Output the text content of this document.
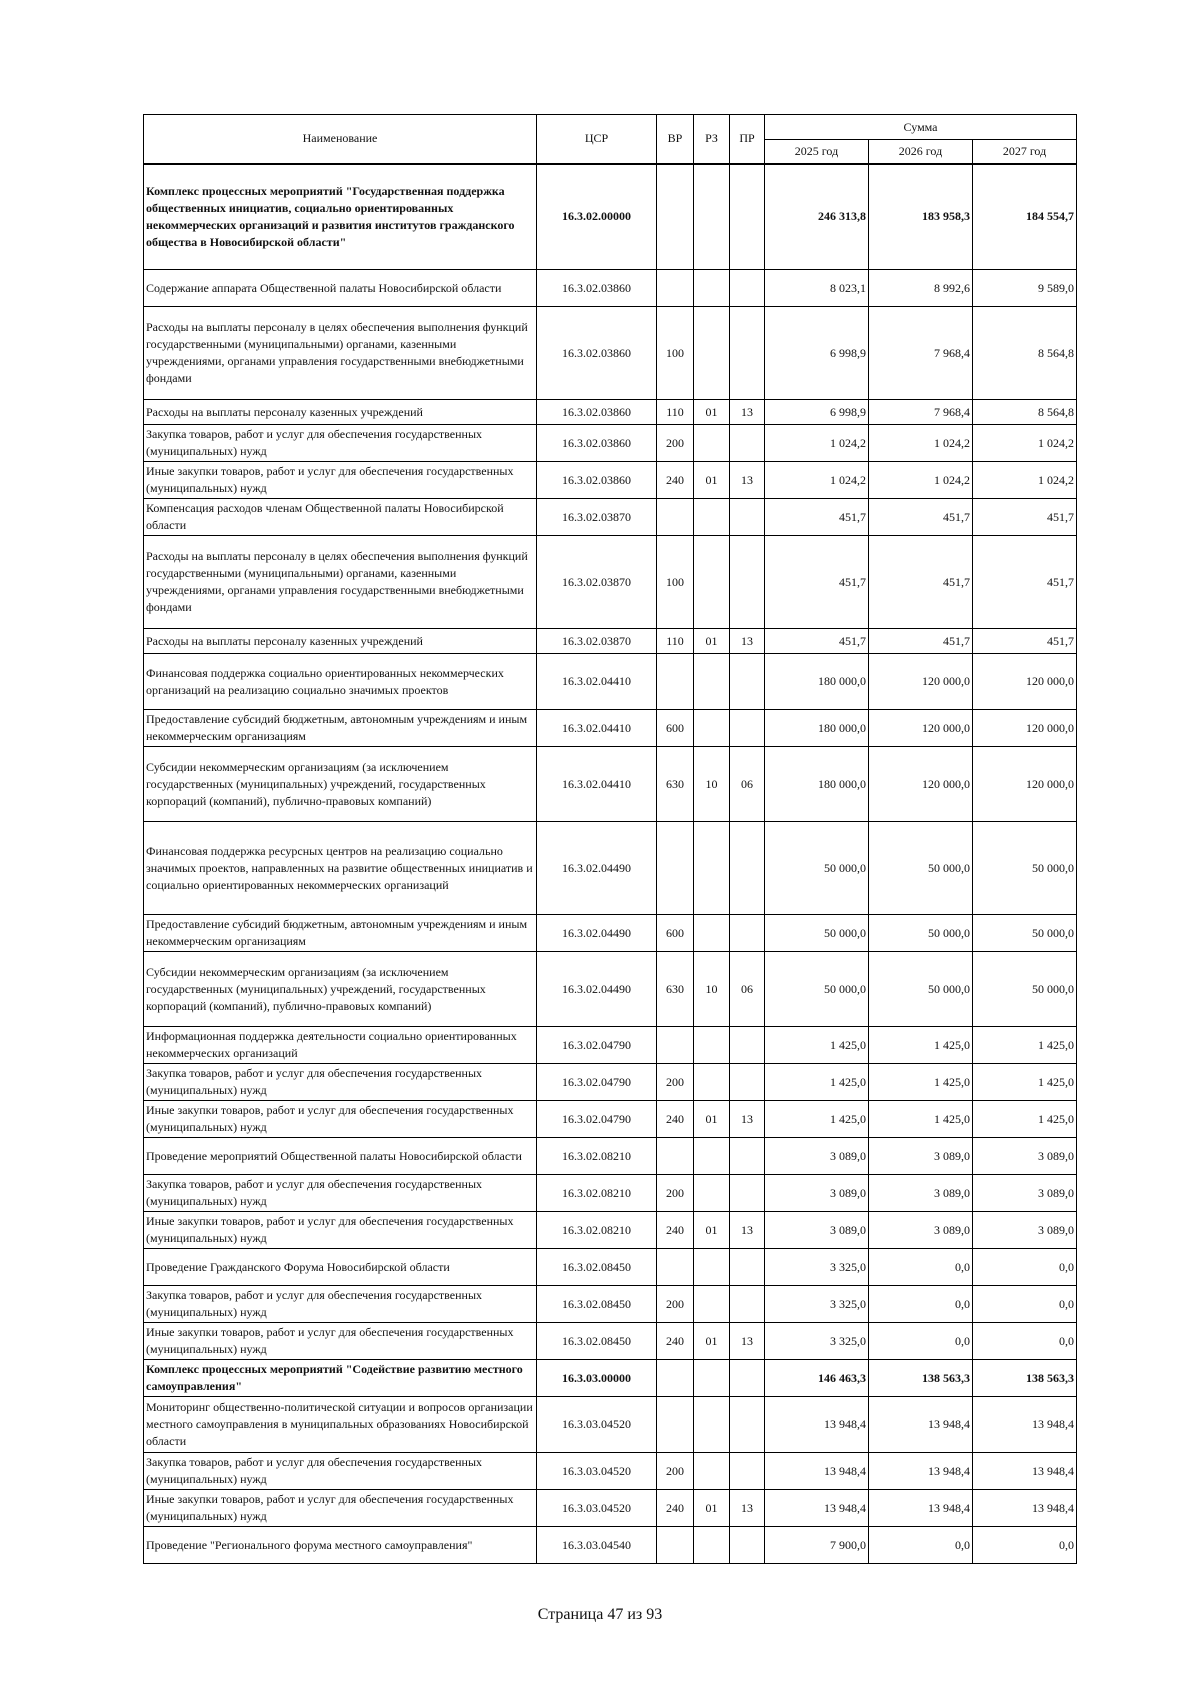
Наименование	ЦСР	ВР	РЗ	ПР	Сумма		
					2025 год	2026 год	2027 год
Комплекс процессных мероприятий "Государственная поддержка общественных инициатив, социально ориентированных некоммерческих организаций и развития институтов гражданского общества в Новосибирской области"	16.3.02.00000				246 313,8	183 958,3	184 554,7
Содержание аппарата Общественной палаты Новосибирской области	16.3.02.03860				8 023,1	8 992,6	9 589,0
Расходы на выплаты персоналу в целях обеспечения выполнения функций государственными (муниципальными) органами, казенными учреждениями, органами управления государственными внебюджетными фондами	16.3.02.03860	100			6 998,9	7 968,4	8 564,8
Расходы на выплаты персоналу казенных учреждений	16.3.02.03860	110	01	13	6 998,9	7 968,4	8 564,8
Закупка товаров, работ и услуг для обеспечения государственных (муниципальных) нужд	16.3.02.03860	200			1 024,2	1 024,2	1 024,2
Иные закупки товаров, работ и услуг для обеспечения государственных (муниципальных) нужд	16.3.02.03860	240	01	13	1 024,2	1 024,2	1 024,2
Компенсация расходов членам Общественной палаты Новосибирской области	16.3.02.03870				451,7	451,7	451,7
Расходы на выплаты персоналу в целях обеспечения выполнения функций государственными (муниципальными) органами, казенными учреждениями, органами управления государственными внебюджетными фондами	16.3.02.03870	100			451,7	451,7	451,7
Расходы на выплаты персоналу казенных учреждений	16.3.02.03870	110	01	13	451,7	451,7	451,7
Финансовая поддержка социально ориентированных некоммерческих организаций на реализацию социально значимых проектов	16.3.02.04410				180 000,0	120 000,0	120 000,0
Предоставление субсидий бюджетным, автономным учреждениям и иным некоммерческим организациям	16.3.02.04410	600			180 000,0	120 000,0	120 000,0
Субсидии некоммерческим организациям (за исключением государственных (муниципальных) учреждений, государственных корпораций (компаний), публично-правовых компаний)	16.3.02.04410	630	10	06	180 000,0	120 000,0	120 000,0
Финансовая поддержка ресурсных центров на реализацию социально значимых проектов, направленных на развитие общественных инициатив и социально ориентированных некоммерческих организаций	16.3.02.04490				50 000,0	50 000,0	50 000,0
Предоставление субсидий бюджетным, автономным учреждениям и иным некоммерческим организациям	16.3.02.04490	600			50 000,0	50 000,0	50 000,0
Субсидии некоммерческим организациям (за исключением государственных (муниципальных) учреждений, государственных корпораций (компаний), публично-правовых компаний)	16.3.02.04490	630	10	06	50 000,0	50 000,0	50 000,0
Информационная поддержка деятельности социально ориентированных некоммерческих организаций	16.3.02.04790				1 425,0	1 425,0	1 425,0
Закупка товаров, работ и услуг для обеспечения государственных (муниципальных) нужд	16.3.02.04790	200			1 425,0	1 425,0	1 425,0
Иные закупки товаров, работ и услуг для обеспечения государственных (муниципальных) нужд	16.3.02.04790	240	01	13	1 425,0	1 425,0	1 425,0
Проведение мероприятий Общественной палаты Новосибирской области	16.3.02.08210				3 089,0	3 089,0	3 089,0
Закупка товаров, работ и услуг для обеспечения государственных (муниципальных) нужд	16.3.02.08210	200			3 089,0	3 089,0	3 089,0
Иные закупки товаров, работ и услуг для обеспечения государственных (муниципальных) нужд	16.3.02.08210	240	01	13	3 089,0	3 089,0	3 089,0
Проведение Гражданского Форума Новосибирской области	16.3.02.08450				3 325,0	0,0	0,0
Закупка товаров, работ и услуг для обеспечения государственных (муниципальных) нужд	16.3.02.08450	200			3 325,0	0,0	0,0
Иные закупки товаров, работ и услуг для обеспечения государственных (муниципальных) нужд	16.3.02.08450	240	01	13	3 325,0	0,0	0,0
Комплекс процессных мероприятий "Содействие развитию местного самоуправления"	16.3.03.00000				146 463,3	138 563,3	138 563,3
Мониторинг общественно-политической ситуации и вопросов организации местного самоуправления в муниципальных образованиях Новосибирской области	16.3.03.04520				13 948,4	13 948,4	13 948,4
Закупка товаров, работ и услуг для обеспечения государственных (муниципальных) нужд	16.3.03.04520	200			13 948,4	13 948,4	13 948,4
Иные закупки товаров, работ и услуг для обеспечения государственных (муниципальных) нужд	16.3.03.04520	240	01	13	13 948,4	13 948,4	13 948,4
Проведение "Регионального форума местного самоуправления"	16.3.03.04540				7 900,0	0,0	0,0
Страница 47 из 93
